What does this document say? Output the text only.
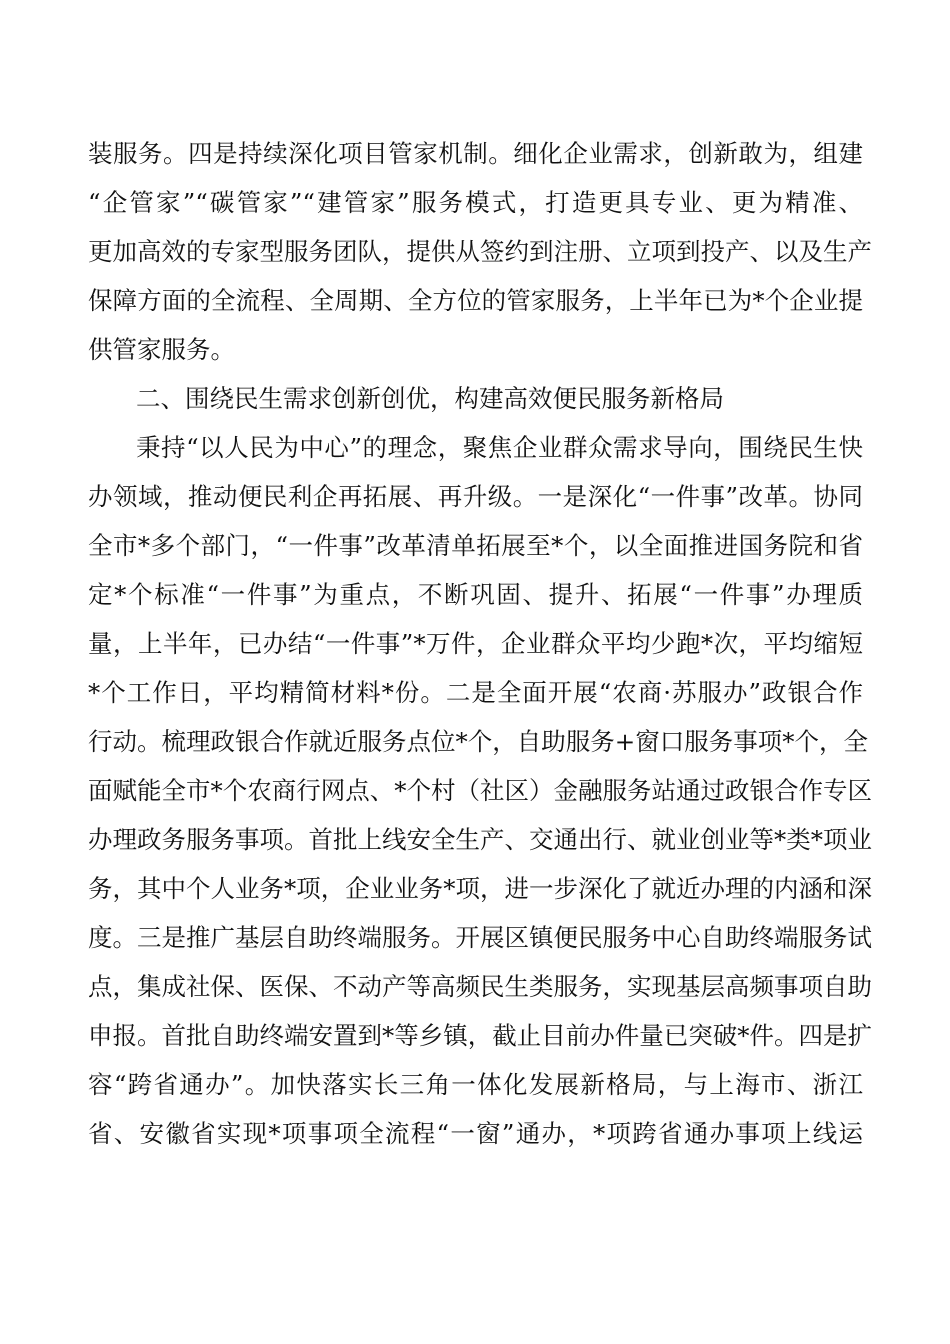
装服务。四是持续深化项目管家机制。细化企业需求，创新敢为，组建
“企管家”“碳管家”“建管家”服务模式，打造更具专业、更为精准、
更加高效的专家型服务团队，提供从签约到注册、立项到投产、以及生产
保障方面的全流程、全周期、全方位的管家服务，上半年已为*个企业提
供管家服务。
二、围绕民生需求创新创优，构建高效便民服务新格局
秉持“以人民为中心”的理念，聚焦企业群众需求导向，围绕民生快
办领域，推动便民利企再拓展、再升级。一是深化“一件事”改革。协同
全市*多个部门，“一件事”改革清单拓展至*个，以全面推进国务院和省
定*个标准“一件事”为重点，不断巩固、提升、拓展“一件事”办理质
量，上半年，已办结“一件事”*万件，企业群众平均少跑*次，平均缩短
*个工作日，平均精简材料*份。二是全面开展“农商·苏服办”政银合作
行动。梳理政银合作就近服务点位*个，自助服务+窗口服务事项*个，全
面赋能全市*个农商行网点、*个村（社区）金融服务站通过政银合作专区
办理政务服务事项。首批上线安全生产、交通出行、就业创业等*类*项业
务，其中个人业务*项，企业业务*项，进一步深化了就近办理的内涵和深
度。三是推广基层自助终端服务。开展区镇便民服务中心自助终端服务试
点，集成社保、医保、不动产等高频民生类服务，实现基层高频事项自助
申报。首批自助终端安置到*等乡镇，截止目前办件量已突破*件。四是扩
容“跨省通办”。加快落实长三角一体化发展新格局，与上海市、浙江
省、安徽省实现*项事项全流程“一窗”通办，*项跨省通办事项上线运
